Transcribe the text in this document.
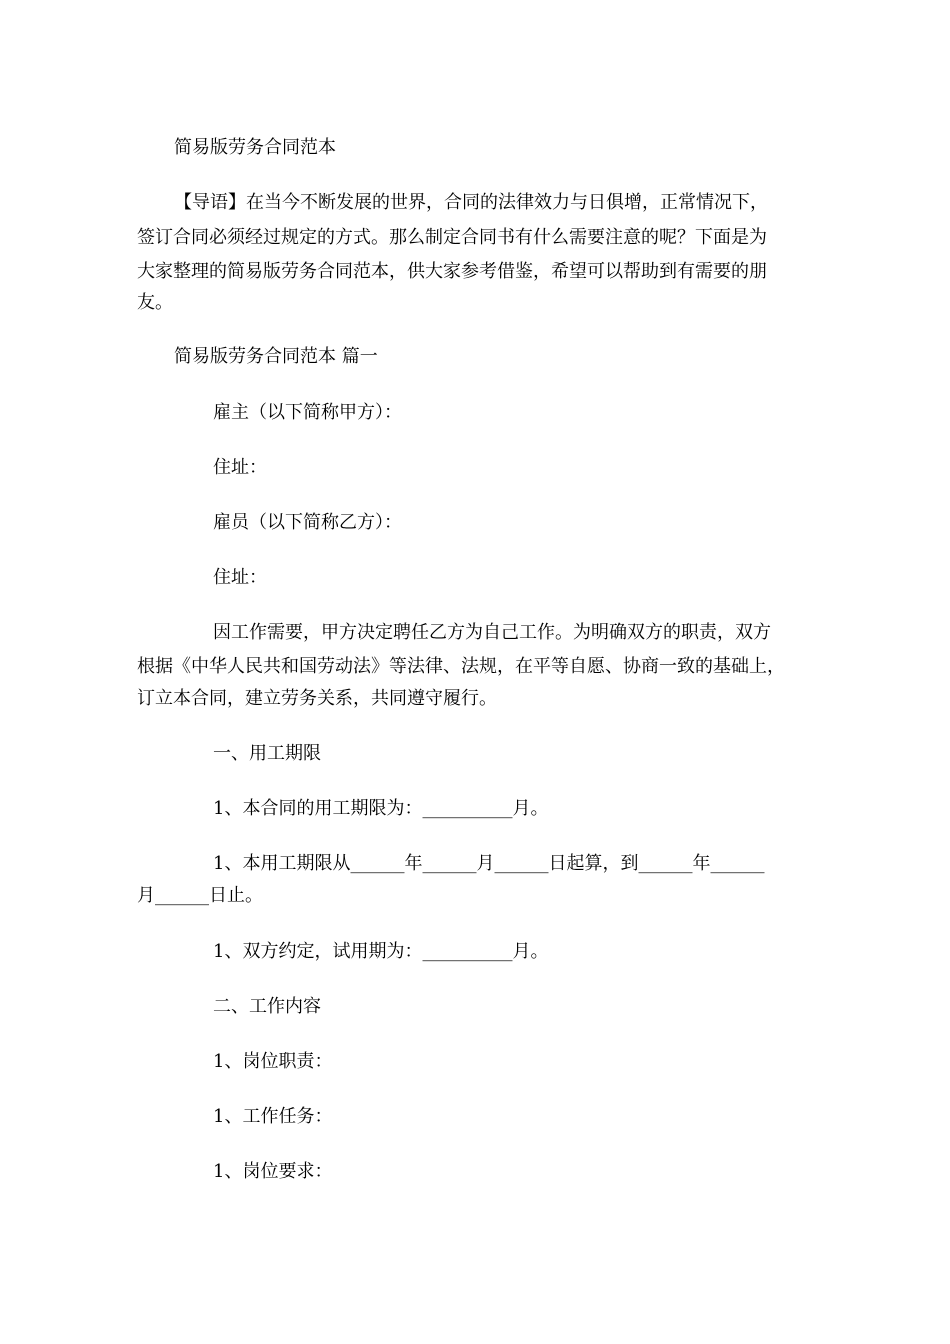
简易版劳务合同范本
【导语】在当今不断发展的世界，合同的法律效力与日俱增，正常情况下，
签订合同必须经过规定的方式。那么制定合同书有什么需要注意的呢？下面是为
大家整理的简易版劳务合同范本，供大家参考借鉴，希望可以帮助到有需要的朋
友。
简易版劳务合同范本 篇一
雇主（以下简称甲方）：
住址：
雇员（以下简称乙方）：
住址：
因工作需要，甲方决定聘任乙方为自己工作。为明确双方的职责，双方
根据《中华人民共和国劳动法》等法律、法规，在平等自愿、协商一致的基础上，
订立本合同，建立劳务关系，共同遵守履行。
一、用工期限
1、本合同的用工期限为：__________月。
1、本用工期限从______年______月______日起算，到______年______
月______日止。
1、双方约定，试用期为：__________月。
二、工作内容
1、岗位职责：
1、工作任务：
1、岗位要求：
